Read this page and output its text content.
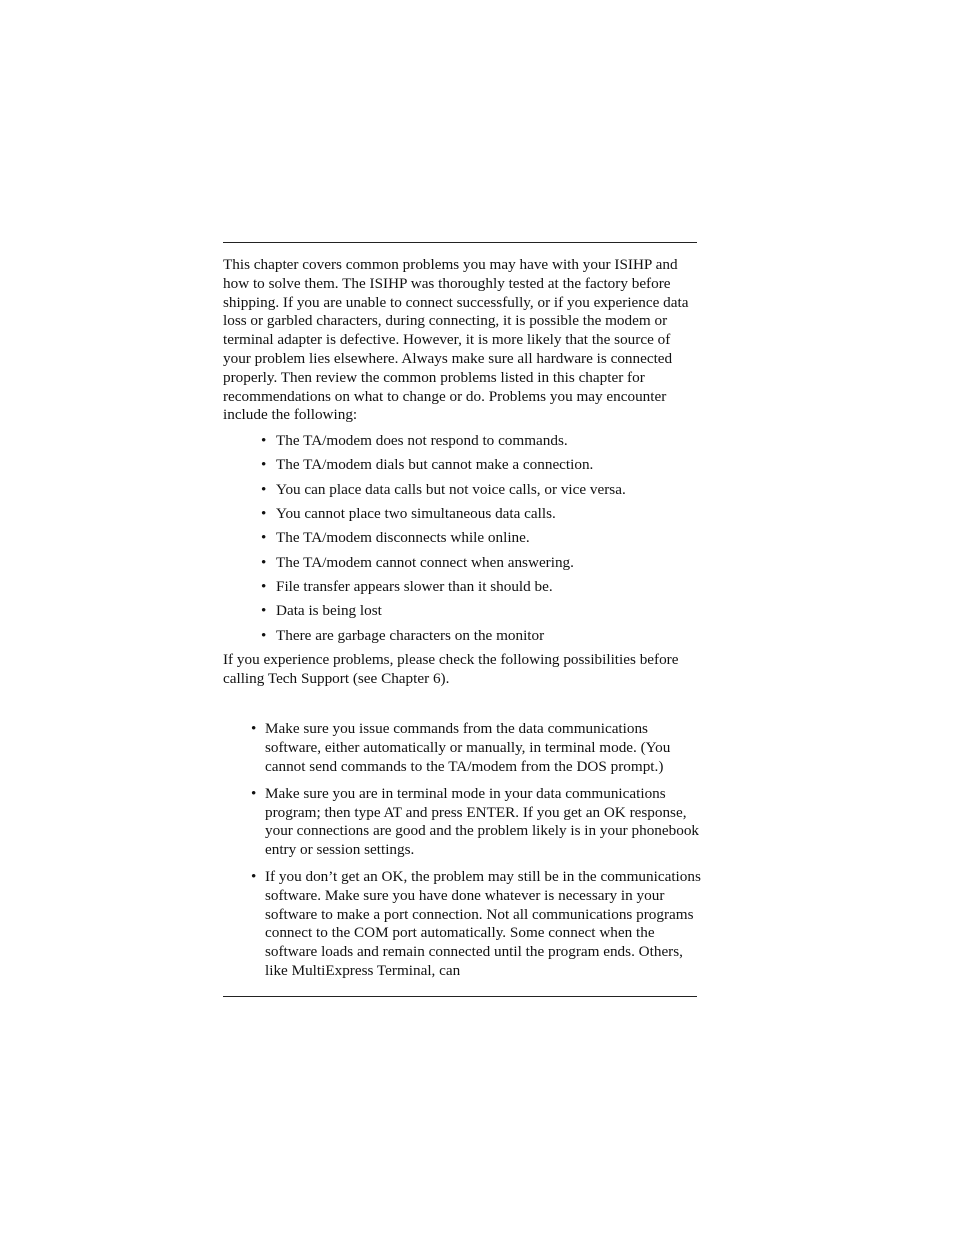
This chapter covers common problems you may have with your ISIHP and how to solve them. The ISIHP was thoroughly tested at the factory before shipping. If you are unable to connect successfully, or if you experience data loss or garbled characters, during connecting, it is possible the modem or terminal adapter is defective. However, it is more likely that the source of your problem lies elsewhere. Always make sure all hardware is connected properly. Then review the common problems listed in this chapter for recommendations on what to change or do. Problems you may encounter include the following:

• The TA/modem does not respond to commands.
• The TA/modem dials but cannot make a connection.
• You can place data calls but not voice calls, or vice versa.
• You cannot place two simultaneous data calls.
• The TA/modem disconnects while online.
• The TA/modem cannot connect when answering.
• File transfer appears slower than it should be.
• Data is being lost
• There are garbage characters on the monitor

If you experience problems, please check the following possibilities before calling Tech Support (see Chapter 6).

• Make sure you issue commands from the data communications software, either automatically or manually, in terminal mode. (You cannot send commands to the TA/modem from the DOS prompt.)
• Make sure you are in terminal mode in your data communications program; then type AT and press ENTER. If you get an OK response, your connections are good and the problem likely is in your phonebook entry or session settings.
• If you don’t get an OK, the problem may still be in the communications software. Make sure you have done whatever is necessary in your software to make a port connection. Not all communications programs connect to the COM port automatically. Some connect when the software loads and remain connected until the program ends. Others, like MultiExpress Terminal, can
